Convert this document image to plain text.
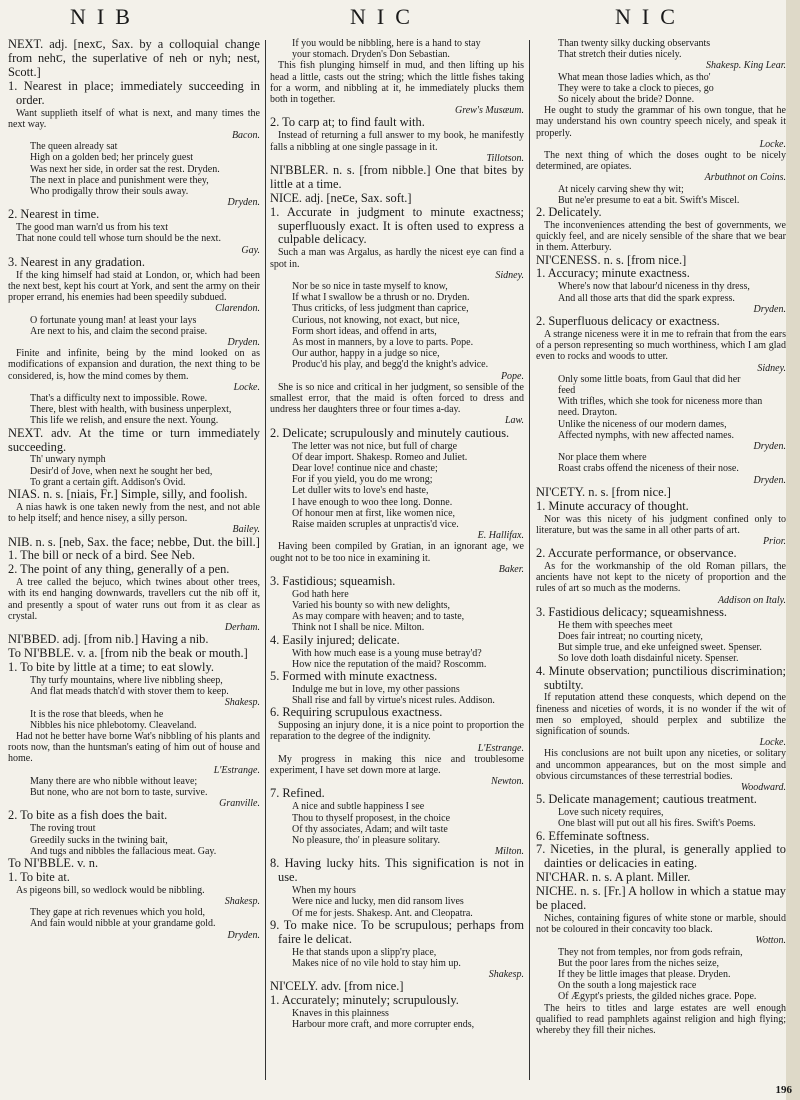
NIB	NIC	NIC

NEXT. adj. [nexꞇ, Sax. by a colloquial change from nehꞇ, the superlative of neh or nyh; nest, Scott.]

1. Nearest in place; immediately succeeding in order.

Want supplieth itself of what is next, and many times the next way.

Bacon.

The queen already sat

High on a golden bed; her princely guest

Was next her side, in order sat the rest. Dryden.

The next in place and punishment were they,

Who prodigally throw their souls away.

Dryden.

2. Nearest in time.

The good man warn'd us from his text

That none could tell whose turn should be the next.

Gay.

3. Nearest in any gradation.

If the king himself had staid at London, or, which had been the next best, kept his court at York, and sent the army on their proper errand, his enemies had been speedily subdued.

Clarendon.

O fortunate young man! at least your lays

Are next to his, and claim the second praise.

Dryden.

Finite and infinite, being by the mind looked on as modifications of expansion and duration, the next thing to be considered, is, how the mind comes by them.

Locke.

That's a difficulty next to impossible. Rowe.

There, blest with health, with business unperplext,

This life we relish, and ensure the next. Young.

NEXT. adv. At the time or turn immediately succeeding.

Th' unwary nymph

Desir'd of Jove, when next he sought her bed,

To grant a certain gift. Addison's Ovid.

NIAS. n. s. [niais, Fr.] Simple, silly, and foolish.

A nias hawk is one taken newly from the nest, and not able to help itself; and hence nisey, a silly person.

Bailey.

NIB. n. s. [neb, Sax. the face; nebbe, Dut. the bill.]

1. The bill or neck of a bird. See Neb.

2. The point of any thing, generally of a pen.

A tree called the bejuco, which twines about other trees, with its end hanging downwards, travellers cut the nib off it, and presently a spout of water runs out from it as clear as crystal.

Derham.

NI'BBED. adj. [from nib.] Having a nib.

To NI'BBLE. v. a. [from nib the beak or mouth.]

1. To bite by little at a time; to eat slowly.

Thy turfy mountains, where live nibbling sheep,

And flat meads thatch'd with stover them to keep.

Shakesp.

It is the rose that bleeds, when he

Nibbles his nice phlebotomy. Cleaveland.

Had not he better have borne Wat's nibbling of his plants and roots now, than the huntsman's eating of him out of house and home.

L'Estrange.

Many there are who nibble without leave;

But none, who are not born to taste, survive.

Granville.

2. To bite as a fish does the bait.

The roving trout

Greedily sucks in the twining bait,

And tugs and nibbles the fallacious meat. Gay.

To NI'BBLE. v. n.

1. To bite at.

As pigeons bill, so wedlock would be nibbling.

Shakesp.

They gape at rich revenues which you hold,

And fain would nibble at your grandame gold.

Dryden.

If you would be nibbling, here is a hand to stay

your stomach. Dryden's Don Sebastian.

This fish plunging himself in mud, and then lifting up his head a little, casts out the string; which the little fishes taking for a worm, and nibbling at it, he immediately plucks them both in together.

Grew's Musæum.

2. To carp at; to find fault with.

Instead of returning a full answer to my book, he manifestly falls a nibbling at one single passage in it.

Tillotson.

NI'BBLER. n. s. [from nibble.] One that bites by little at a time.

NICE. adj. [neꞇe, Sax. soft.]

1. Accurate in judgment to minute exactness; superfluously exact. It is often used to express a culpable delicacy.

Such a man was Argalus, as hardly the nicest eye can find a spot in.

Sidney.

Nor be so nice in taste myself to know,

If what I swallow be a thrush or no. Dryden.

Thus criticks, of less judgment than caprice,

Curious, not knowing, not exact, but nice,

Form short ideas, and offend in arts,

As most in manners, by a love to parts. Pope.

Our author, happy in a judge so nice,

Produc'd his play, and begg'd the knight's advice.

Pope.

She is so nice and critical in her judgment, so sensible of the smallest error, that the maid is often forced to dress and undress her daughters three or four times a-day.

Law.

2. Delicate; scrupulously and minutely cautious.

The letter was not nice, but full of charge

Of dear import. Shakesp. Romeo and Juliet.

Dear love! continue nice and chaste;

For if you yield, you do me wrong;

Let duller wits to love's end haste,

I have enough to woo thee long. Donne.

Of honour men at first, like women nice,

Raise maiden scruples at unpractis'd vice.

E. Hallifax.

Having been compiled by Gratian, in an ignorant age, we ought not to be too nice in examining it.

Baker.

3. Fastidious; squeamish.

God hath here

Varied his bounty so with new delights,

As may compare with heaven; and to taste,

Think not I shall be nice. Milton.

4. Easily injured; delicate.

With how much ease is a young muse betray'd?

How nice the reputation of the maid? Roscomm.

5. Formed with minute exactness.

Indulge me but in love, my other passions

Shall rise and fall by virtue's nicest rules. Addison.

6. Requiring scrupulous exactness.

Supposing an injury done, it is a nice point to proportion the reparation to the degree of the indignity.

L'Estrange.

My progress in making this nice and troublesome experiment, I have set down more at large.

Newton.

7. Refined.

A nice and subtle happiness I see

Thou to thyself proposest, in the choice

Of thy associates, Adam; and wilt taste

No pleasure, tho' in pleasure solitary.

Milton.

8. Having lucky hits. This signification is not in use.

When my hours

Were nice and lucky, men did ransom lives

Of me for jests. Shakesp. Ant. and Cleopatra.

9. To make nice. To be scrupulous; perhaps from faire le delicat.

He that stands upon a slipp'ry place,

Makes nice of no vile hold to stay him up.

Shakesp.

NI'CELY. adv. [from nice.]

1. Accurately; minutely; scrupulously.

Knaves in this plainness

Harbour more craft, and more corrupter ends,

Than twenty silky ducking observants

That stretch their duties nicely.

Shakesp. King Lear.

What mean those ladies which, as tho'

They were to take a clock to pieces, go

So nicely about the bride? Donne.

He ought to study the grammar of his own tongue, that he may understand his own country speech nicely, and speak it properly.

Locke.

The next thing of which the doses ought to be nicely determined, are opiates.

Arbuthnot on Coins.

At nicely carving shew thy wit;

But ne'er presume to eat a bit. Swift's Miscel.

2. Delicately.

The inconveniences attending the best of governments, we quickly feel, and are nicely sensible of the share that we bear in them. Atterbury.

NI'CENESS. n. s. [from nice.]

1. Accuracy; minute exactness.

Where's now that labour'd niceness in thy dress,

And all those arts that did the spark express.

Dryden.

2. Superfluous delicacy or exactness.

A strange niceness were it in me to refrain that from the ears of a person representing so much worthiness, which I am glad even to rocks and woods to utter.

Sidney.

Only some little boats, from Gaul that did her

feed

With trifles, which she took for niceness more than

need. Drayton.

Unlike the niceness of our modern dames,

Affected nymphs, with new affected names.

Dryden.

Nor place them where

Roast crabs offend the niceness of their nose.

Dryden.

NI'CETY. n. s. [from nice.]

1. Minute accuracy of thought.

Nor was this nicety of his judgment confined only to literature, but was the same in all other parts of art.

Prior.

2. Accurate performance, or observance.

As for the workmanship of the old Roman pillars, the ancients have not kept to the nicety of proportion and the rules of art so much as the moderns.

Addison on Italy.

3. Fastidious delicacy; squeamishness.

He them with speeches meet

Does fair intreat; no courting nicety,

But simple true, and eke unfeigned sweet. Spenser.

So love doth loath disdainful nicety. Spenser.

4. Minute observation; punctilious discrimination; subtilty.

If reputation attend these conquests, which depend on the fineness and niceties of words, it is no wonder if the wit of men so employed, should perplex and subtilize the signification of sounds.

Locke.

His conclusions are not built upon any niceties, or solitary and uncommon appearances, but on the most simple and obvious circumstances of these terrestrial bodies.

Woodward.

5. Delicate management; cautious treatment.

Love such nicety requires,

One blast will put out all his fires. Swift's Poems.

6. Effeminate softness.

7. Niceties, in the plural, is generally applied to dainties or delicacies in eating.

NI'CHAR. n. s. A plant. Miller.

NICHE. n. s. [Fr.] A hollow in which a statue may be placed.

Niches, containing figures of white stone or marble, should not be coloured in their concavity too black.

Wotton.

They not from temples, nor from gods refrain,

But the poor lares from the niches seize,

If they be little images that please. Dryden.

On the south a long majestick race

Of Ægypt's priests, the gilded niches grace. Pope.

The heirs to titles and large estates are well enough qualified to read pamphlets against religion and high flying; whereby they fill their niches.

196
